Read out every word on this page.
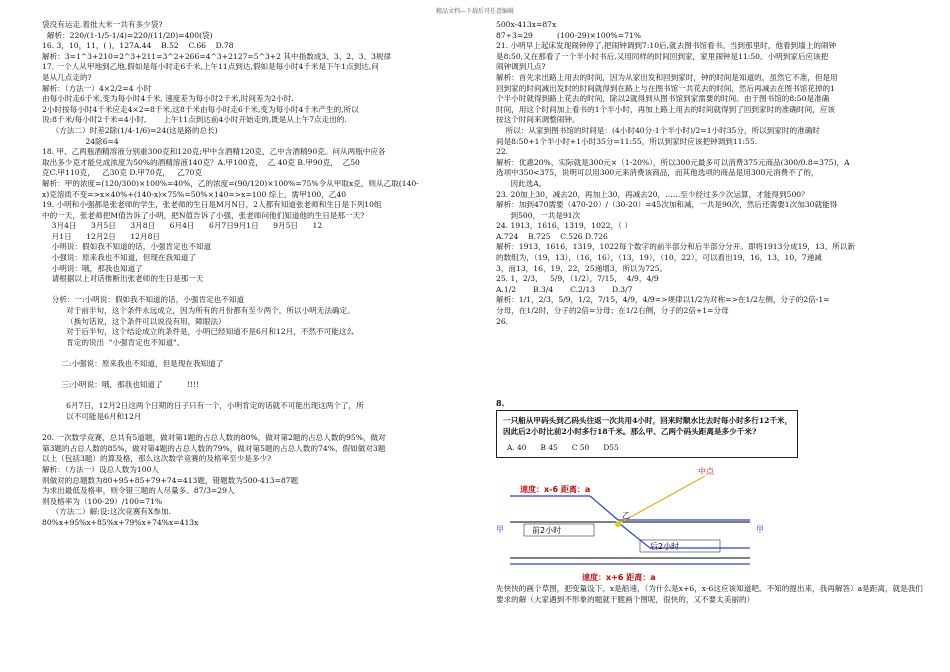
精品文档---下载后可任意编辑
袋没有运走.着批大米一共有多少袋?
解析：220/(1-1/5-1/4)=220/(11/20)=400(袋)
16. 3，10，11，( )，127A.44    B.52    C.66    D.78
解析：3=1^3+210=2^3+211=3^2+266=4^3+2127=5^3+2 其中指数成3、3、2、3、3规律
17. 一个人从甲地到乙地,假如是每小时走6千米,上午11点到达,假如是每小时4千米是下午1点到达,问
是从几点走的?
解析：（方法一）4×2/2=4 小时
由每小时走6千米,变为每小时4千米, 速度差为每小时2千米,时间差为2小时.
2小时按每小时4千米应走4×2=8千米,这8千米由每小时走6千米,变为每小时4千米产生的,所以
说:8千米/每小时2千米=4小时,       上午11点到达前4小时开始走的,既是从上午7点走出的.
（方法二）时差2除(1/4-1/6)=24(这是路的总长)
24除6=4
18. 甲、乙两瓶酒精溶液分别重300克和120克;甲中含酒精120克，乙中含酒精90克。问从两瓶中应各
取出多少克才能兑成浓度为50%的酒精溶液140克？A.甲100克，  乙 40克 B.甲90克，  乙50
克C.甲110克，   乙30克 D.甲70克，   乙70克
解析：甲的浓度=(120/300)×100%=40%，乙的浓度=(90/120)×100%=75%令从甲取x克，则从乙取(140-
x)克溶质不变=>x×40%+(140-x)×75%=50%×140=>x=100 综上，需甲100，乙40
19. 小明和小强都是张老师的学生，张老师的生日是M月N日，2人都有知道张老师和生日是下列10组
中的一天，张老师把M值告诉了小明，把N值告诉了小强，张老师问他们知道他的生日是那一天?
3月4日      3月5日      3月8日      6月4日      6月7日9月1日      9月5日      12
月1日      12月2日      12月8日
小明说：假如我不知道的话，小强肯定也不知道
小强说：原来我也不知道，但现在我知道了
小明说：哦，那我也知道了
请根据以上对话推断出张老师的生日是那一天
分析：一:小明说：假如我不知道的话，小强肯定也不知道
对于前半句，这个条件永远成立，因为所有的月份都有至少两个，所以小明无法确定。
（换句话说，这个条件可以说没有用，障眼法）
对于后半句，这个结论成立的条件是，小明已经知道不是6月和12月，不然不可能这么
肯定的说出  "小强肯定也不知道"。
二:小强说：原来我也不知道，但是现在我知道了
三:小明说：哦，那我也知道了          !!!!
6月7日，12月2日这两个日期的日子只有一个，小明肯定的话就不可能出现这两个了，所
以不可能是6月和12月
20. 一次数学竞赛，总共有5道题，做对第1题的占总人数的80%，做对第2题的占总人数的95%，做对
第3题的占总人数的85%，做对第4题的占总人数的79%，做对第5题的占总人数的74%，假如做对3题
以上（包括3题）的算及格，那么这次数学竞赛的及格率至少是多少?
解析：（方法一）设总人数为100人
则做对的总题数为80+95+85+79+74=413题，错题数为500-413=87题
为求出最低及格率，则令错三题的人尽量多。87/3=29人
则及格率为（100-29）/100=71%
（方法二）解:设:这次竞赛有X参加.
80%x+95%x+85%x+79%x+74%x=413x
500x-413x=87x
87÷3=29          (100-29)×100%=71%
21. 小明早上起床发现闹钟停了,把闹钟调到7:10后,就去图书馆看书。当到那里时，他看到墙上的闹钟
是8:50,又在那看了一个半小时书后,又用同样的时间回到家，家里闹钟是11:50。小明到家后应该把
闹钟调到几点?
解析：首先求出路上用去的时间，因为从家出发和回到家时，钟的时间是知道的，虽然它不准，但是用
回到家的时间减出发时的时间就得到在路上与在图书馆一共花去的时间，然后再减去在图书馆花掉的1
个半小时就得到路上花去的时间，除以2就得到从图书馆到家需要的时间。由于图书馆的8:50是准确
时间，用这个时间加上看书的1个半小时，再加上路上用去的时间就得到了回到家时的准确时间，应该
按这个时间来调整闹钟。
所以：从家到图书馆的时间是：(4小时40分-1个半小时)/2=1小时35分，所以到家时的准确时
间是8:50+1个半小时+1小时35分=11:55，所以到家时应该把钟调到11:55.
22.
解析：优惠20%，实际就是300元×（1-20%），所以300元最多可以消费375元商品(300/0.8=375)，A
选项中350<375，说明可以用300元来消费该商品，而其他选项的商品是用300元消费不了的，
因此选A。
23. 20加上30，减去20，再加上30，再减去20，……至少经过多少次运算，才能得到500？
解析：加到470需要（470-20）/（30-20）=45次加和减，一共是90次，然后还需要1次加30就能得
到500，一共是91次
24. 1913，1616，1319，1022，（ ）
A.724    B.725    C.526 D.726
解析：1913，1616，1319，1022每个数字的前半部分和后半部分分开。即将1913分成19，13。所以新
的数组为，（19，13），（16，16），（13，19），（10，22），可以看出19，16，13，10，7递减
3，而13，16，19，22，25递增3，所以为725。
25. 1，2/3，   5/9，（1/2），7/15，  4/9，4/9
A.1/2       B.3/4       C.2/13       D.3/7
解析：1/1，2/3，5/9，1/2，7/15，4/9，4/9=>规律以1/2为对称=>在1/2左侧，分子的2倍-1=
分母，在1/2时，分子的2倍=分母；在1/2右侧，分子的2倍+1=分母
26.
8.
一只船从甲码头到乙码头往返一次共用4小时，回来时顺水比去时每小时多行12千米，因此后2小时比前2小时多行18千米。那么甲、乙两个码头距离是多少千米?
A. 40      B 45      C 50      D55
中点
速度：x-6 距离：a
速度：x+6 距离：a
前2小时
后2小时
乙
甲	甲
先快快的画个草图，把变量设下。x是船速，（为什么是x+6，x-6这应该知道吧。不知的提出来，我再解答）a是距离，就是我们要求的解（大家遇到不形象的题就干脆画个图呢，很快的，又不要太美丽的）
